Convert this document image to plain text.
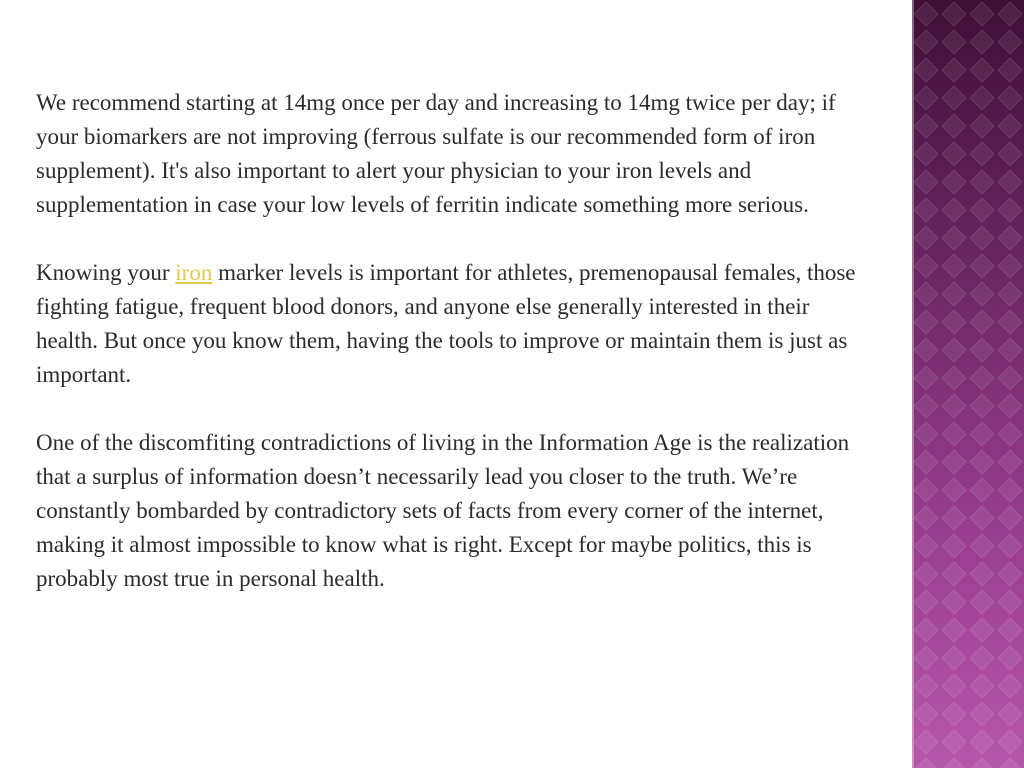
We recommend starting at 14mg once per day and increasing to 14mg twice per day; if your biomarkers are not improving (ferrous sulfate is our recommended form of iron supplement). It's also important to alert your physician to your iron levels and supplementation in case your low levels of ferritin indicate something more serious.

Knowing your iron marker levels is important for athletes, premenopausal females, those fighting fatigue, frequent blood donors, and anyone else generally interested in their health. But once you know them, having the tools to improve or maintain them is just as important.

One of the discomfiting contradictions of living in the Information Age is the realization that a surplus of information doesn’t necessarily lead you closer to the truth. We’re constantly bombarded by contradictory sets of facts from every corner of the internet, making it almost impossible to know what is right. Except for maybe politics, this is probably most true in personal health.
